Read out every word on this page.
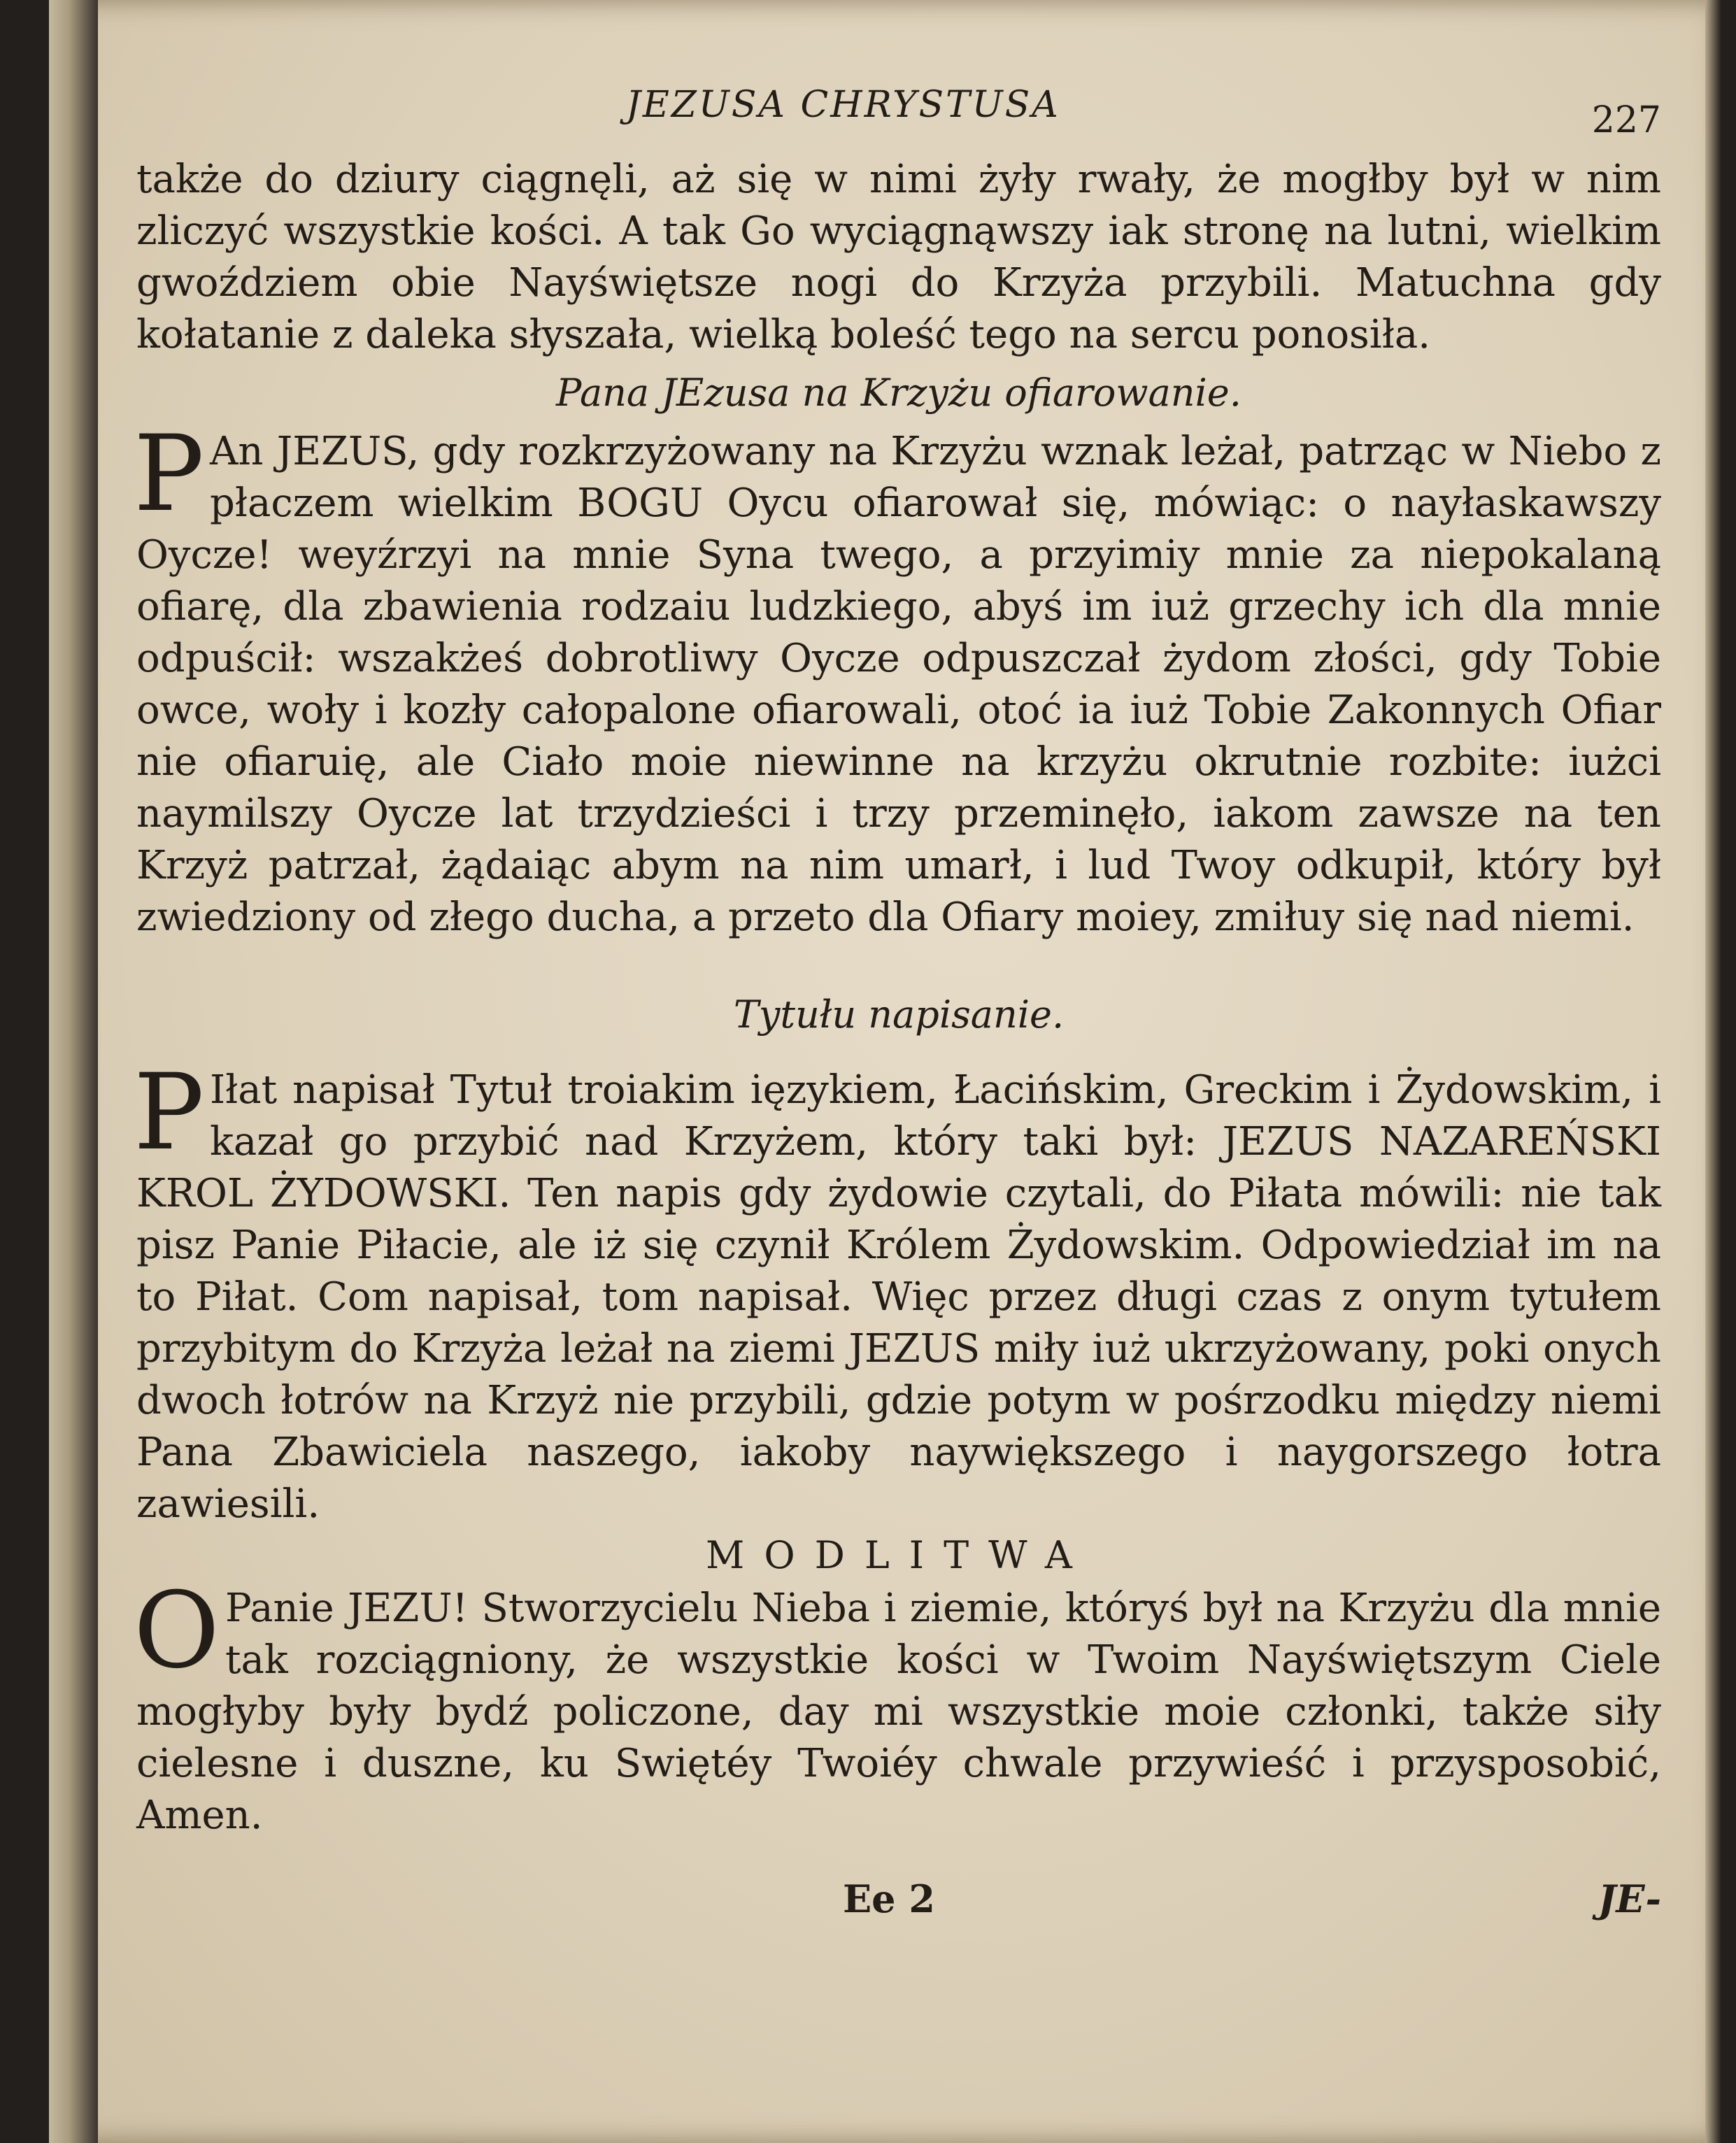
JEZUSA CHRYSTUSA	227

także do dziury ciągnęli, aż się w nimi żyły rwały, że mogłby był w nim zliczyć wszystkie kości. A tak Go wyciągnąwszy iak stronę na lutni, wielkim gwoździem obie Nayświętsze nogi do Krzyża przybili. Matuchna gdy kołatanie z daleka słyszała, wielką boleść tego na sercu ponosiła.

Pana JEzusa na Krzyżu ofiarowanie.

P An JEZUS, gdy rozkrzyżowany na Krzyżu wznak leżał, patrząc w Niebo z płaczem wielkim BOGU Oycu ofiarował się, mówiąc: o nayłaskawszy Oycze! weyźrzyi na mnie Syna twego, a przyimiy mnie za niepokalaną ofiarę, dla zbawienia rodzaiu ludzkiego, abyś im iuż grzechy ich dla mnie odpuścił: wszakżeś dobrotliwy Oycze odpuszczał żydom złości, gdy Tobie owce, woły i kozły całopalone ofiarowali, otoć ia iuż Tobie Zakonnych Ofiar nie ofiaruię, ale Ciało moie niewinne na krzyżu okrutnie rozbite: iużci naymilszy Oycze lat trzydzieści i trzy przeminęło, iakom zawsze na ten Krzyż patrzał, żądaiąc abym na nim umarł, i lud Twoy odkupił, który był zwiedziony od złego ducha, a przeto dla Ofiary moiey, zmiłuy się nad niemi.

Tytułu napisanie.

P Iłat napisał Tytuł troiakim ięzykiem, Łacińskim, Greckim i Żydowskim, i kazał go przybić nad Krzyżem, który taki był: JEZUS NAZAREŃSKI KROL ŻYDOWSKI. Ten napis gdy żydowie czytali, do Piłata mówili: nie tak pisz Panie Piłacie, ale iż się czynił Królem Żydowskim. Odpowiedział im na to Piłat. Com napisał, tom napisał. Więc przez długi czas z onym tytułem przybitym do Krzyża leżał na ziemi JEZUS miły iuż ukrzyżowany, poki onych dwoch łotrów na Krzyż nie przybili, gdzie potym w pośrzodku między niemi Pana Zbawiciela naszego, iakoby naywiększego i naygorszego łotra zawiesili.

MODLITWA

O Panie JEZU! Stworzycielu Nieba i ziemie, któryś był na Krzyżu dla mnie tak rozciągniony, że wszystkie kości w Twoim Nayświętszym Ciele mogłyby były bydź policzone, day mi wszystkie moie członki, także siły cielesne i duszne, ku Swiętéy Twoiéy chwale przywieść i przysposobić, Amen.

Ee 2	JE-
